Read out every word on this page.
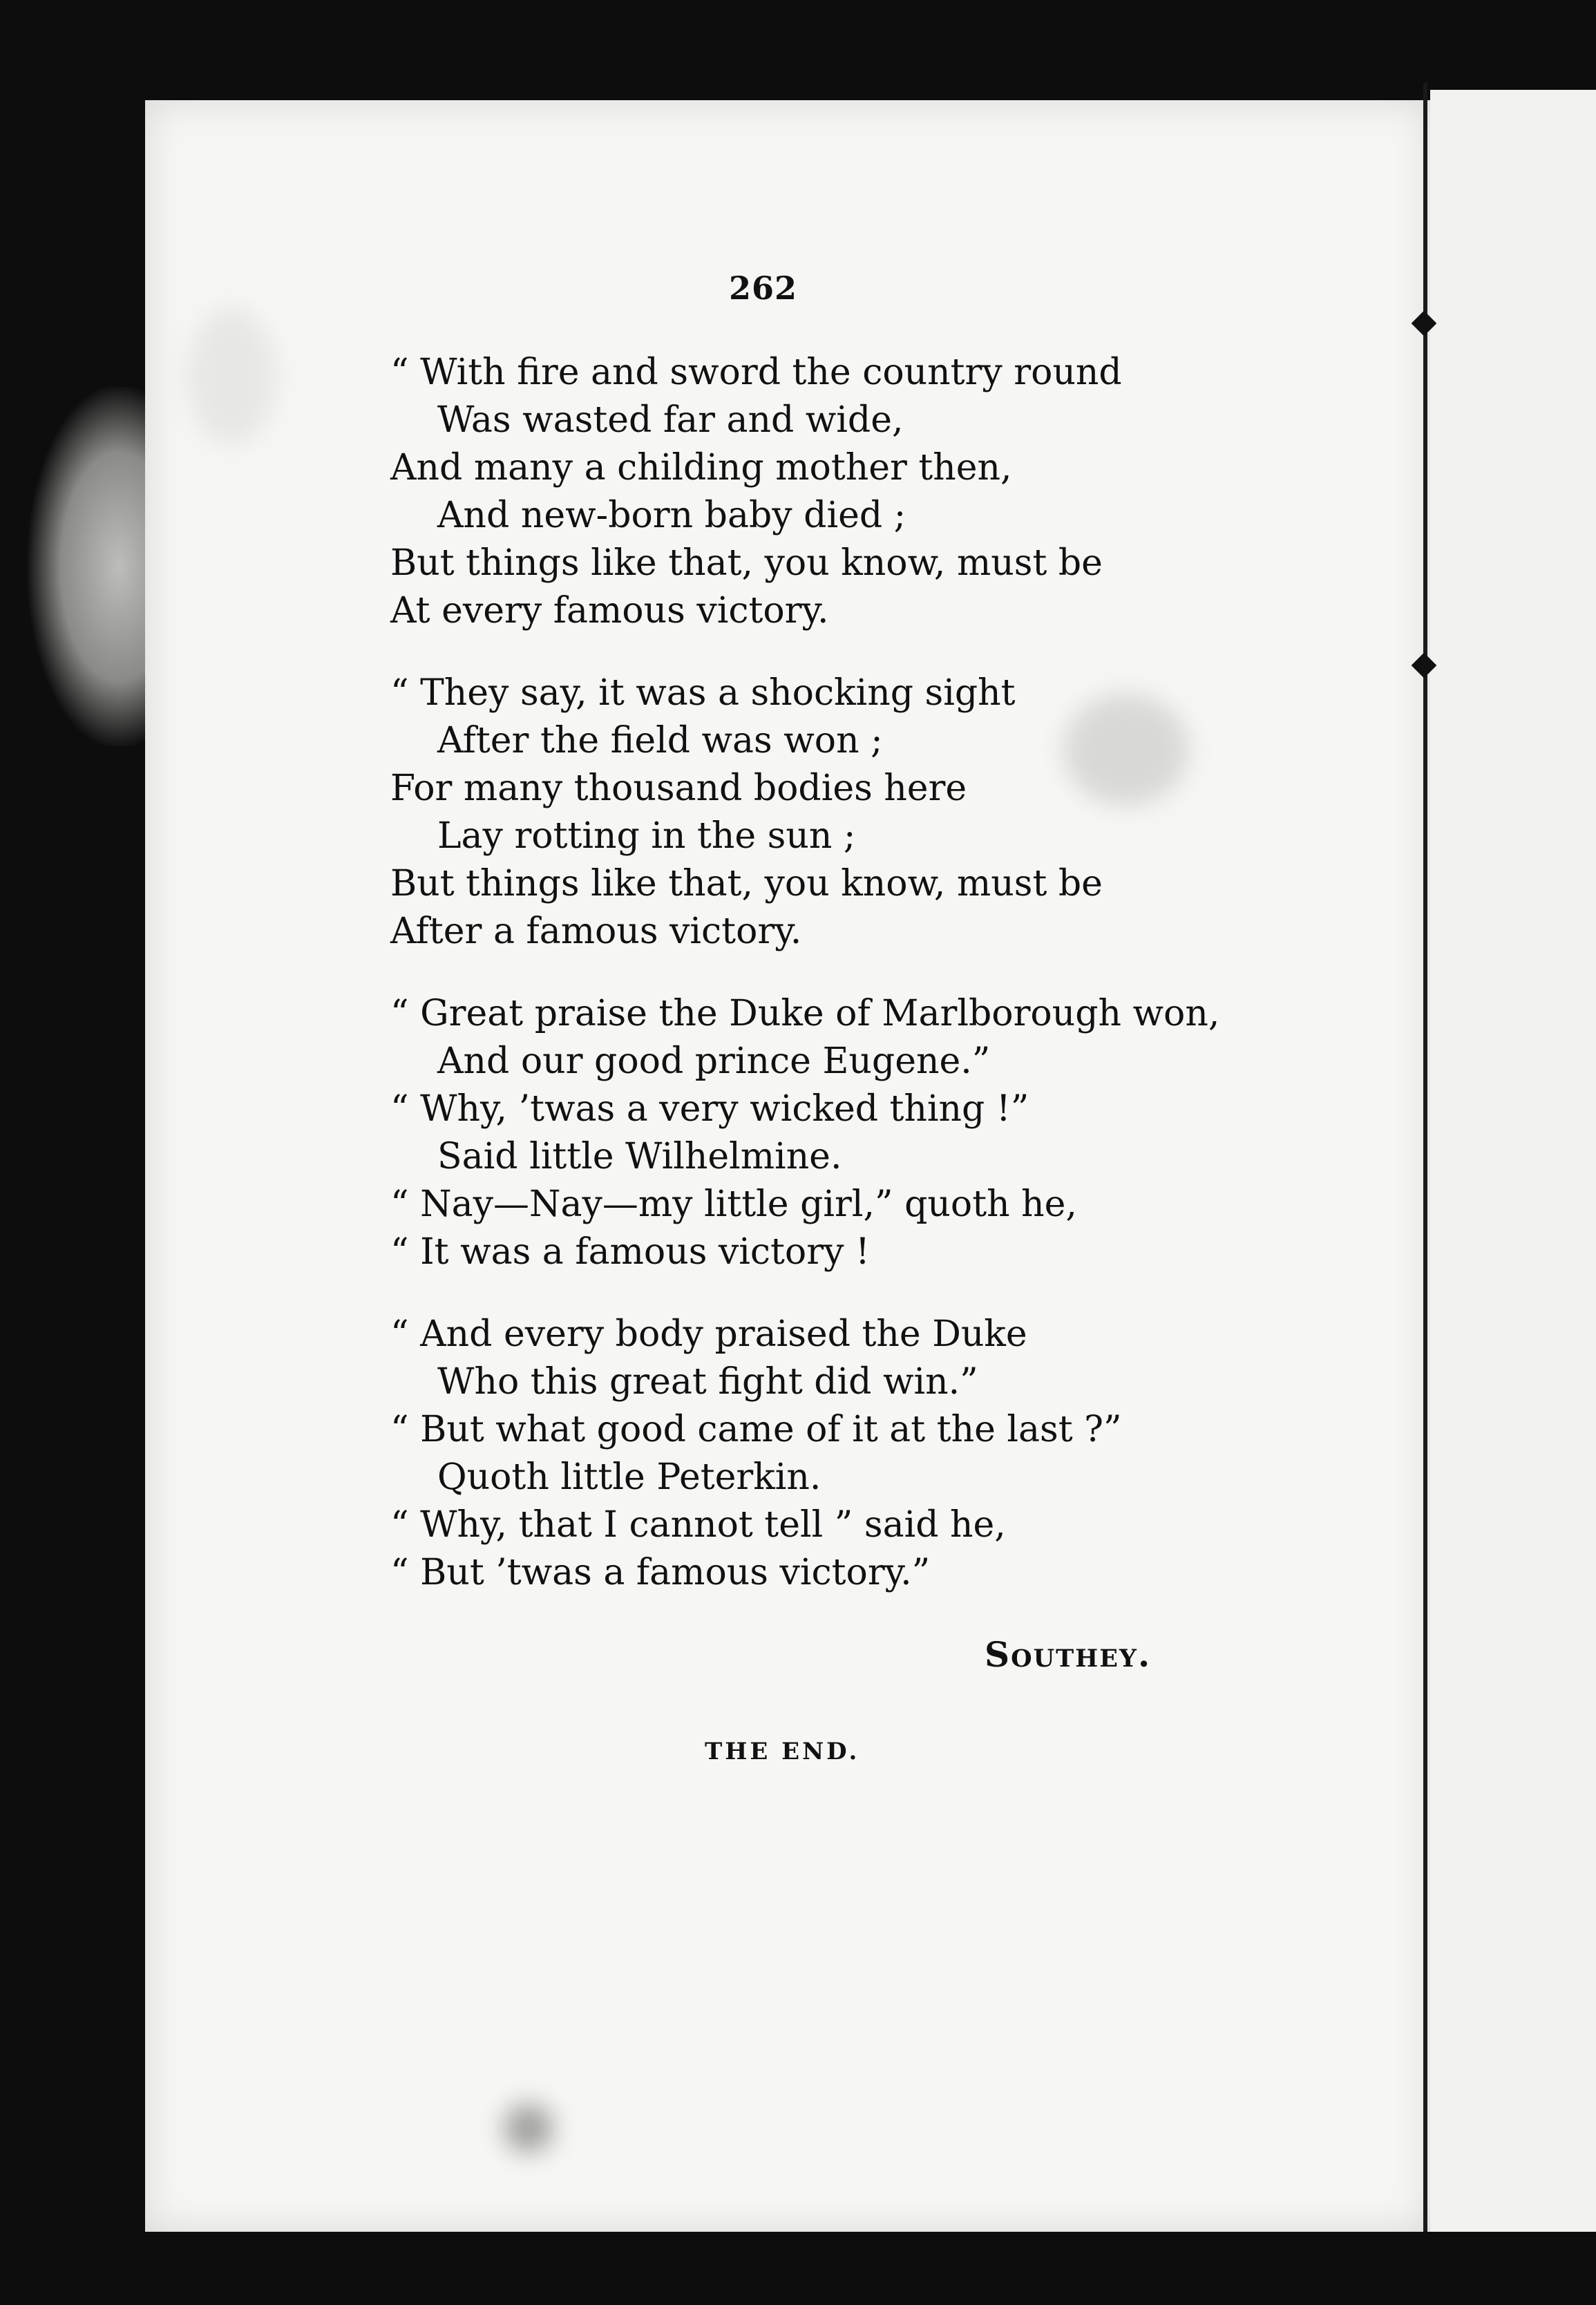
262
“ With fire and sword the country round
Was wasted far and wide,
And many a childing mother then,
And new-born baby died ;
But things like that, you know, must be
At every famous victory.
“ They say, it was a shocking sight
After the field was won ;
For many thousand bodies here
Lay rotting in the sun ;
But things like that, you know, must be
After a famous victory.
“ Great praise the Duke of Marlborough won,
And our good prince Eugene.”
“ Why, ’twas a very wicked thing !”
Said little Wilhelmine.
“ Nay—Nay—my little girl,” quoth he,
“ It was a famous victory !
“ And every body praised the Duke
Who this great fight did win.”
“ But what good came of it at the last ?”
Quoth little Peterkin.
“ Why, that I cannot tell ” said he,
“ But ’twas a famous victory.”
Southey.
THE END.
